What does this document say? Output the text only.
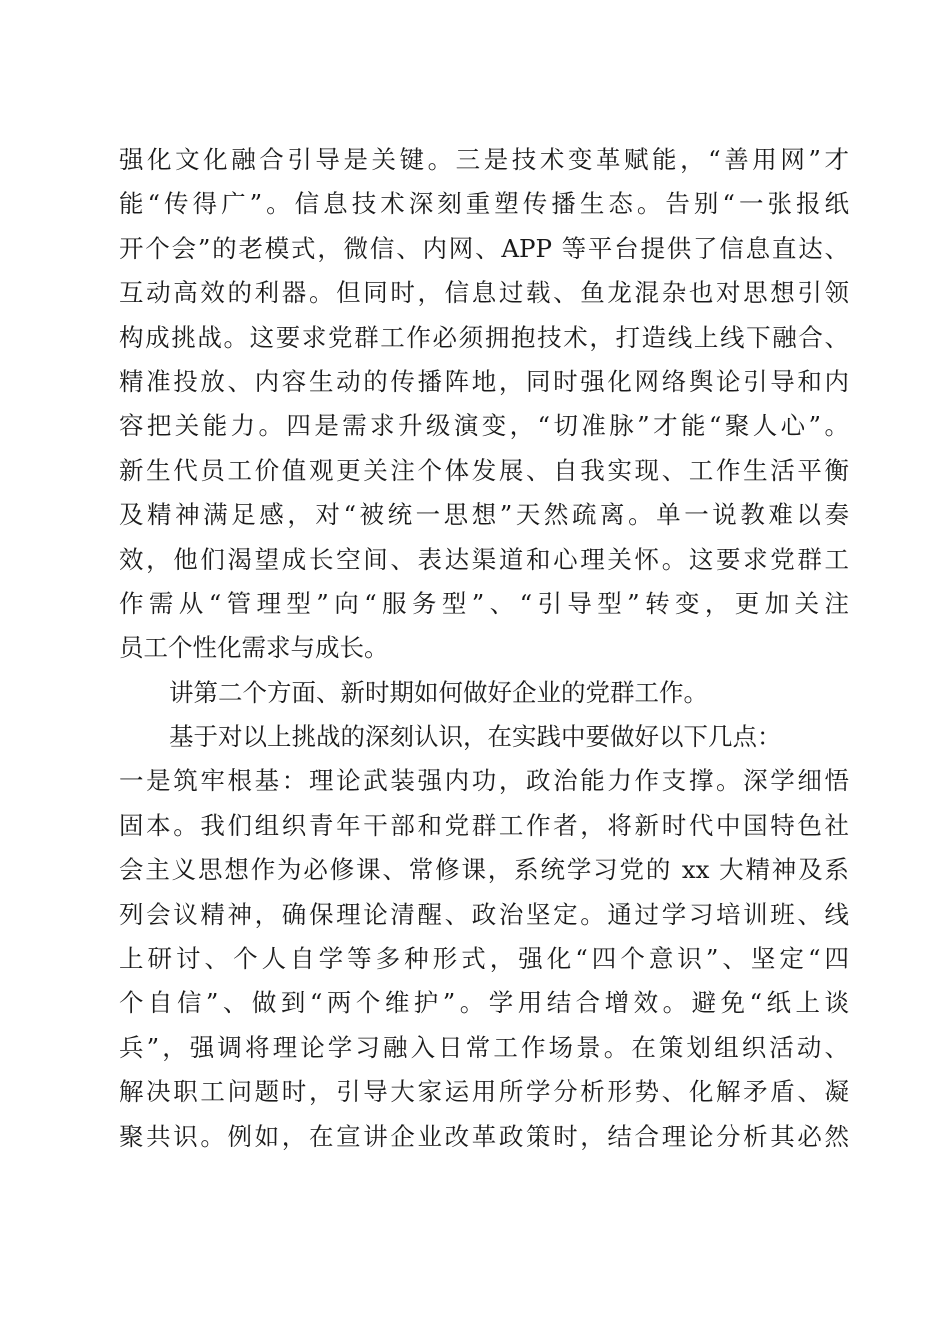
强化文化融合引导是关键。三是技术变革赋能，“善用网”才
能“传得广”。信息技术深刻重塑传播生态。告别“一张报纸
开个会”的老模式，微信、内网、APP 等平台提供了信息直达、
互动高效的利器。但同时，信息过载、鱼龙混杂也对思想引领
构成挑战。这要求党群工作必须拥抱技术，打造线上线下融合、
精准投放、内容生动的传播阵地，同时强化网络舆论引导和内
容把关能力。四是需求升级演变，“切准脉”才能“聚人心”。
新生代员工价值观更关注个体发展、自我实现、工作生活平衡
及精神满足感，对“被统一思想”天然疏离。单一说教难以奏
效，他们渴望成长空间、表达渠道和心理关怀。这要求党群工
作需从“管理型”向“服务型”、“引导型”转变，更加关注
员工个性化需求与成长。
讲第二个方面、新时期如何做好企业的党群工作。
基于对以上挑战的深刻认识，在实践中要做好以下几点：
一是筑牢根基：理论武装强内功，政治能力作支撑。深学细悟
固本。我们组织青年干部和党群工作者，将新时代中国特色社
会主义思想作为必修课、常修课，系统学习党的 xx 大精神及系
列会议精神，确保理论清醒、政治坚定。通过学习培训班、线
上研讨、个人自学等多种形式，强化“四个意识”、坚定“四
个自信”、做到“两个维护”。学用结合增效。避免“纸上谈
兵”，强调将理论学习融入日常工作场景。在策划组织活动、
解决职工问题时，引导大家运用所学分析形势、化解矛盾、凝
聚共识。例如，在宣讲企业改革政策时，结合理论分析其必然
